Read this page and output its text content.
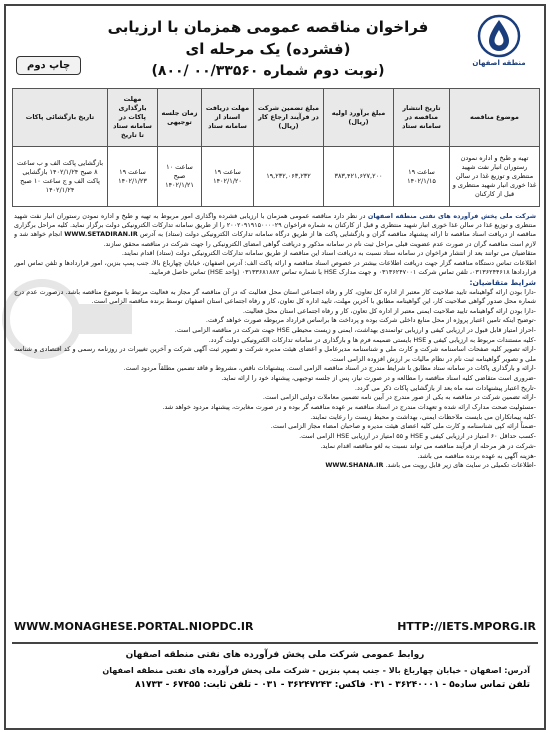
منطقه اصفهان
فراخوان مناقصه عمومی همزمان با ارزیابی (فشرده) یک مرحله ای
(نوبت دوم شماره ۰۰/۳۳۵۶۰ /۸۰۰)
چاپ دوم
موضوع مناقصه	تاریخ انتشار مناقصه در سامانه ستاد	مبلغ برآورد اولیه (ریال)	مبلغ تضمین شرکت در فرآیند ارجاع کار (ریال)	مهلت دریافت اسناد از سامانه ستاد	زمان جلسه توجیهی	مهلت بارگذاری پاکات در سامانه ستاد تا تاریخ	تاریخ بازگشائی پاکات
تهیه و طبخ و اداره نمودن رستوران انبار نفت شهید منتظری و توزیع غذا در سالن غذا خوری انبار شهید منتظری و قبل از کارکنان	ساعت ۱۹ ۱۴۰۲/۱/۱۵	۳۸۳,۴۲۱,۶۲۷,۲۰۰	۱۹,۲۳۲,۰۶۳,۲۳۲	ساعت ۱۹ ۱۴۰۲/۱/۲۰	ساعت ۱۰ صبح ۱۴۰۲/۱/۲۱	ساعت ۱۹ ۱۴۰۲/۱/۲۳	بازگشایی پاکت الف و ب ساعت ۸ صبح ۱۴۰۲/۱/۲۴ بازگشایی پاکت الف و ج ساعت ۱۰ صبح ۱۴۰۲/۱/۲۴

شرکت ملی پخش فرآورده های نفتی منطقه اصفهان در نظر دارد مناقصه عمومی همزمان با ارزیابی فشرده واگذاری امور مربوط به تهیه و طبخ و اداره نمودن رستوران انبار نفت شهید منتظری و توزیع غذا در سالن غذا خوری انبار شهید منتظری و قبل از کارکنان به شماره فراخوان ۲۰۰۲۰۹۱۹۱۵۰۰۰۰۲۹ را از طریق سامانه تدارکات الکترونیکی دولت برگزار نماید. کلیه مراحل برگزاری مناقصه از دریافت اسناد مناقصه تا ارائه پیشنهاد مناقصه گران و بازگشایی پاکت ها از طریق درگاه سامانه تدارکات الکترونیکی دولت (ستاد) به آدرس WWW.SETADIRAN.IR انجام خواهد شد و لازم است مناقصه گران در صورت عدم عضویت قبلی مراحل ثبت نام در سامانه مذکور و دریافت گواهی امضای الکترونیکی را جهت شرکت در مناقصه محقق سازند.

متقاضیان می توانند بعد از انتشار فراخوان در سامانه ستاد نسبت به دریافت اسناد این مناقصه از طریق سامانه تدارکات الکترونیکی دولت (ستاد) اقدام نمایند.

اطلاعات تماس دستگاه مناقصه گزار جهت دریافت اطلاعات بیشتر در خصوص اسناد مناقصه و ارائه پاکت الف: آدرس اصفهان، خیابان چهارباغ بالا، جنب پمپ بنزین، امور قراردادها و تلفن تماس امور قراردادها ۰۳۱۳۶۲۴۴۶۱۸، تلفن تماس شرکت ۰۳۱۳۶۲۴۷۰۰۱ و جهت مدارک HSE با شماره تماس ۰۳۱۳۳۶۸۱۸۸۲ (واحد HSE) تماس حاصل فرمایید.

شرایط متقاضیان:

-دارا بودن ارائه گواهینامه تایید صلاحیت کار معتبر از اداره کل تعاون، کار و رفاه اجتماعی استان محل فعالیت که در آن مناقصه گر مجاز به فعالیت مرتبط با موضوع مناقصه باشد. درصورت عدم درج شماره محل صدور گواهی صلاحیت کار، این گواهینامه مطابق با آخرین مهلت، تایید اداره کل تعاون، کار و رفاه اجتماعی استان اصفهان توسط برنده مناقصه الزامی است.

-دارا بودن ارائه گواهینامه تایید صلاحیت ایمنی معتبر از اداره کل تعاون، کار و رفاه اجتماعی استان محل فعالیت.

-توضیح اینکه تامین اعتبار پروژه از محل منابع داخلی شرکت بوده و پرداخت ها براساس قرارداد مربوطه صورت خواهد گرفت.

-احراز امتیاز قابل قبول در ارزیابی کیفی و ارزیابی توانمندی بهداشت، ایمنی و زیست محیطی HSE جهت شرکت در مناقصه الزامی است.

-کلیه مستندات مربوط به ارزیابی کیفی و HSE بایستی ضمیمه فرم ها و بارگذاری در سامانه تدارکات الکترونیکی دولت گردد.

-ارائه تصویر کلیه صفحات اساسنامه شرکت و کارت ملی و شناسنامه مدیرعامل و اعضای هیئت مدیره شرکت و تصویر ثبت آگهی شرکت و آخرین تغییرات در روزنامه رسمی و کد اقتصادی و شناسه ملی و تصویر گواهینامه ثبت نام در نظام مالیات بر ارزش افزوده الزامی است.

-ارائه و بارگذاری پاکات در سامانه ستاد مطابق با شرایط مندرج در اسناد مناقصه الزامی است. پیشنهادات ناقص، مشروط و فاقد تضمین مطلقاً مردود است.

-ضروری است متقاضی کلیه اسناد مناقصه را مطالعه و در صورت نیاز، پس از جلسه توجیهی، پیشنهاد خود را ارائه نماید.

-تاریخ اعتبار پیشنهادات سه ماه بعد از بازگشایی پاکات ذکر می گردد.

-ارائه تضمین شرکت در مناقصه به یکی از صور مندرج در آیین نامه تضمین معاملات دولتی الزامی است.

-مسئولیت صحت مدارک ارائه شده و تعهدات مندرج در اسناد مناقصه بر عهده مناقصه گر بوده و در صورت مغایرت، پیشنهاد مردود خواهد شد.

-کلیه پیمانکاران می بایست ملاحظات ایمنی، بهداشت و محیط زیست را رعایت نمایند.

-ضمناً ارائه کپی شناسنامه و کارت ملی کلیه اعضای هیئت مدیره و صاحبان امضاء مجاز الزامی است.

-کسب حداقل ۶۰ امتیاز در ارزیابی کیفی و HSE و ۵۵ امتیاز در ارزیابی HSE الزامی است.

-شرکت در هر مرحله از فرآیند مناقصه می تواند نسبت به لغو مناقصه اقدام نماید.

-هزینه آگهی به عهده برنده مناقصه می باشد.

-اطلاعات تکمیلی در سایت های زیر قابل رویت می باشد. WWW.SHANA.IR

WWW.MONAGHESE.PORTAL.NIOPDC.IR	HTTP://IETS.MPORG.IR
روابط عمومی شرکت ملی پخش فرآورده های نفتی منطقه اصفهان
آدرس: اصفهان - خیابان چهارباغ بالا - جنب پمپ بنزین - شرکت ملی پخش فرآورده های نفتی منطقه اصفهان
تلفن تماس ساده۵ - ۳۶۲۴۰۰۰۱ - ۰۳۱ فاکس: ۳۶۲۴۷۲۴۳ - ۰۳۱ - تلفن ثابت: ۶۷۴۵۵ - ۸۱۷۳۳
